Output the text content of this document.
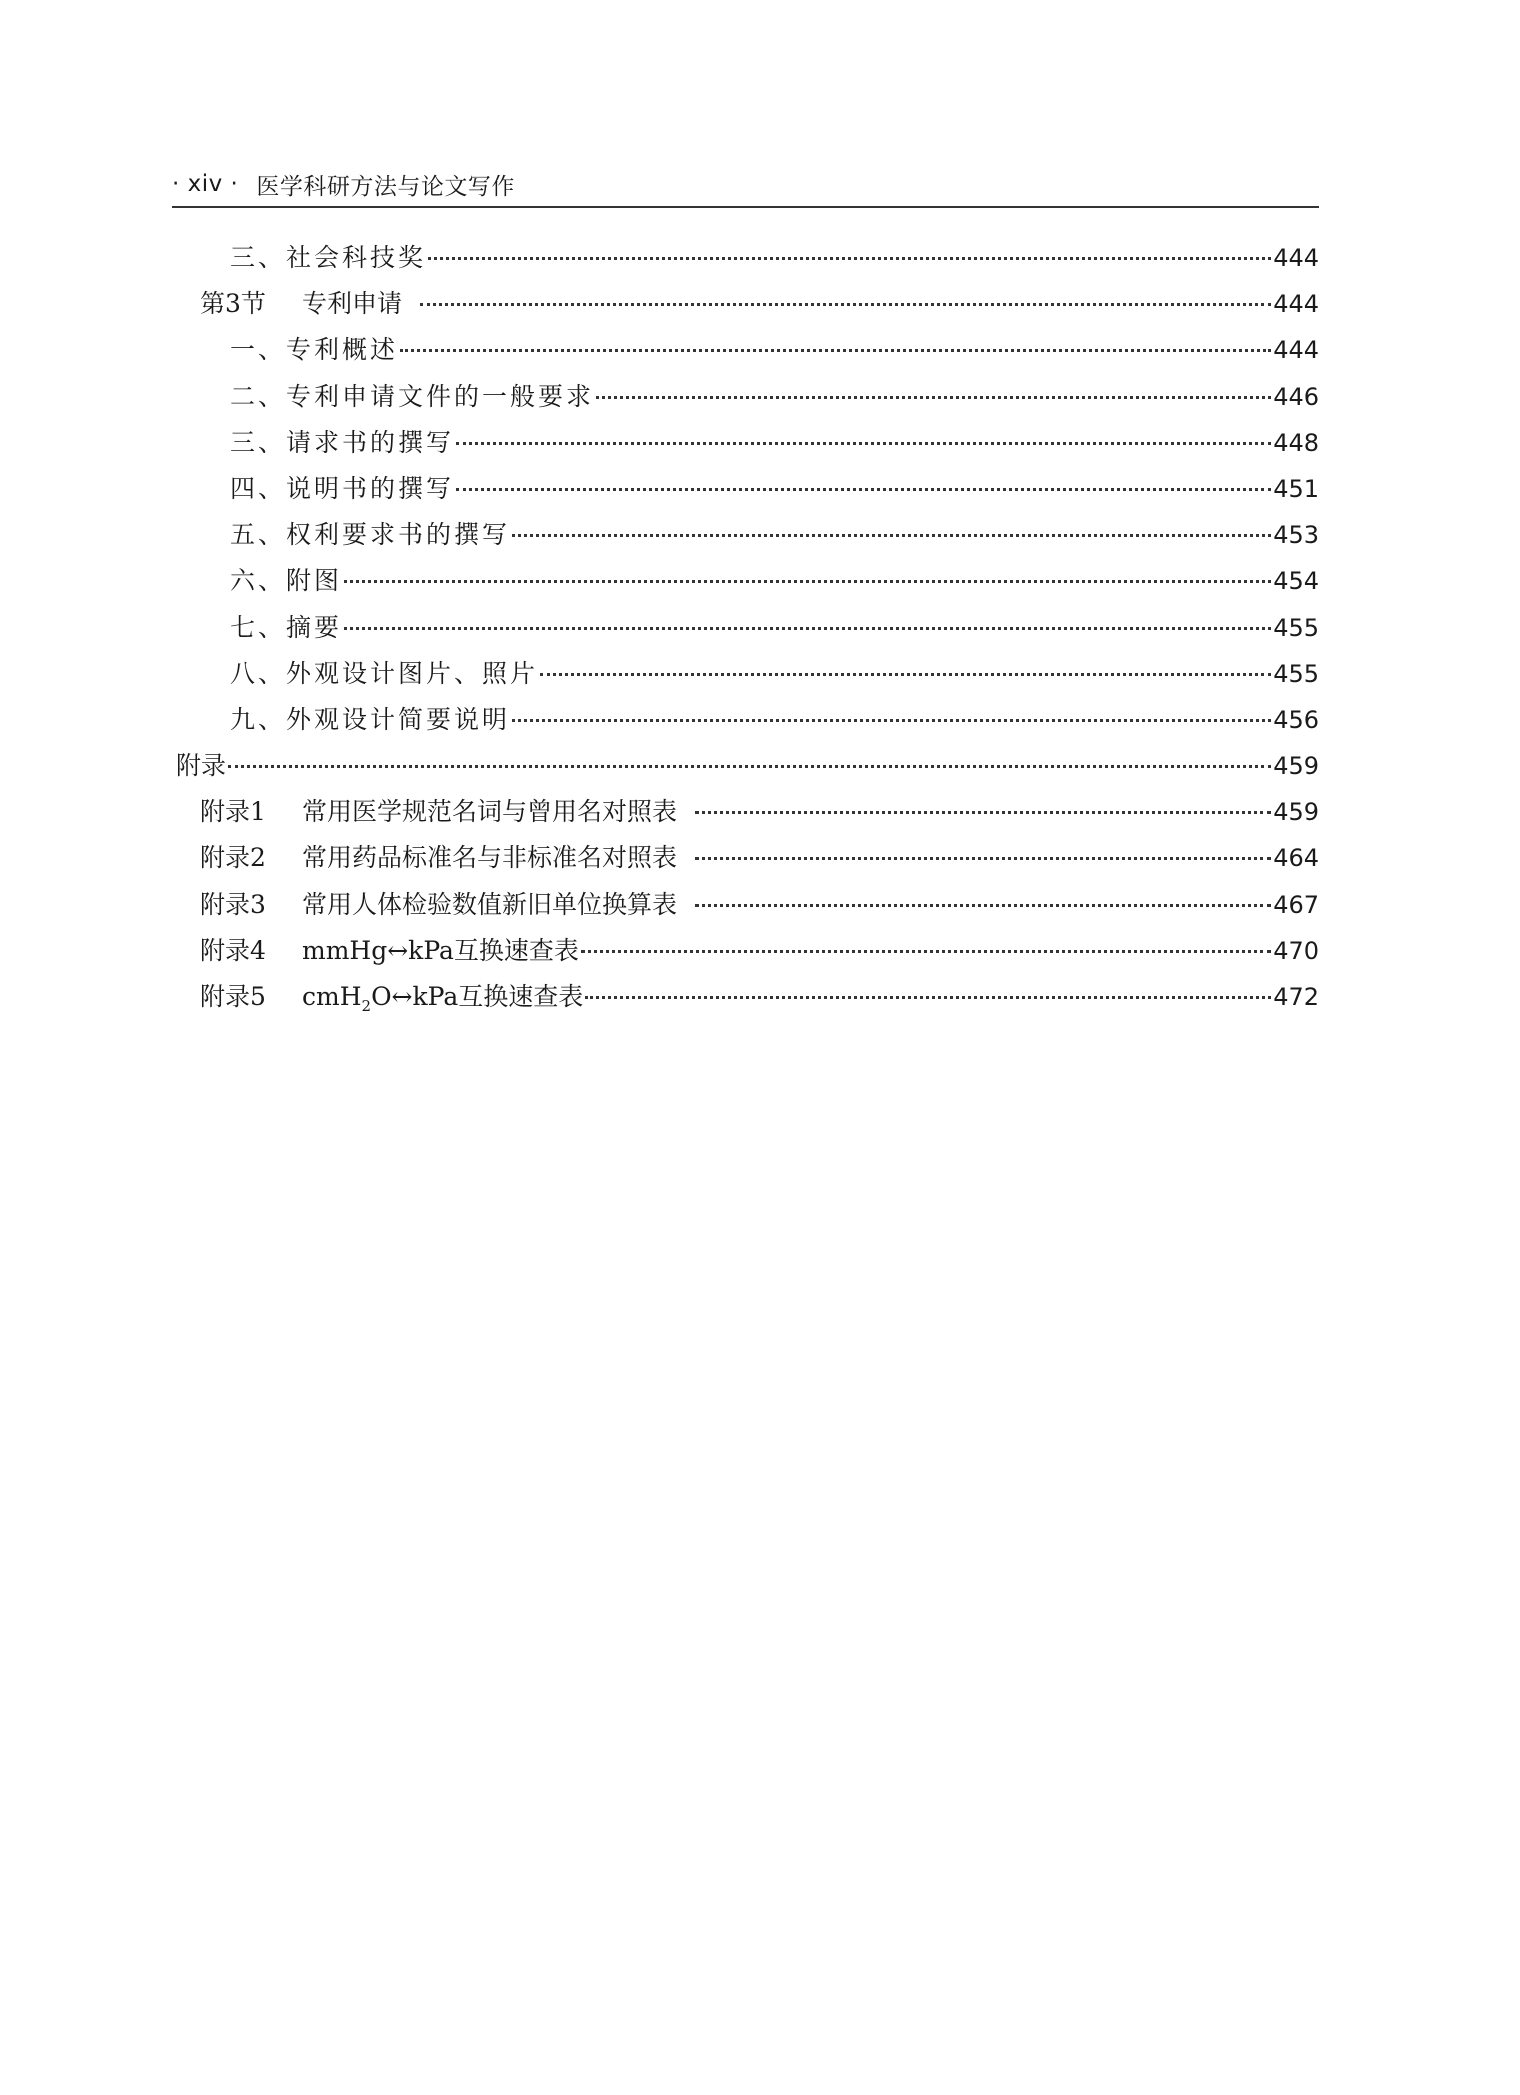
· xiv · 医学科研方法与论文写作
三、 社会科技奖	444
第3节	专利申请	444
一、 专利概述	444
二、 专利申请文件的一般要求	446
三、 请求书的撰写	448
四、 说明书的撰写	451
五、 权利要求书的撰写	453
六、 附图	454
七、 摘要	455
八、 外观设计图片、照片	455
九、 外观设计简要说明	456
附录	459
附录1	常用医学规范名词与曾用名对照表	459
附录2	常用药品标准名与非标准名对照表	464
附录3	常用人体检验数值新旧单位换算表	467
附录4	mmHg↔kPa互换速查表	470
附录5	cmH$_2$O↔kPa互换速查表	472
